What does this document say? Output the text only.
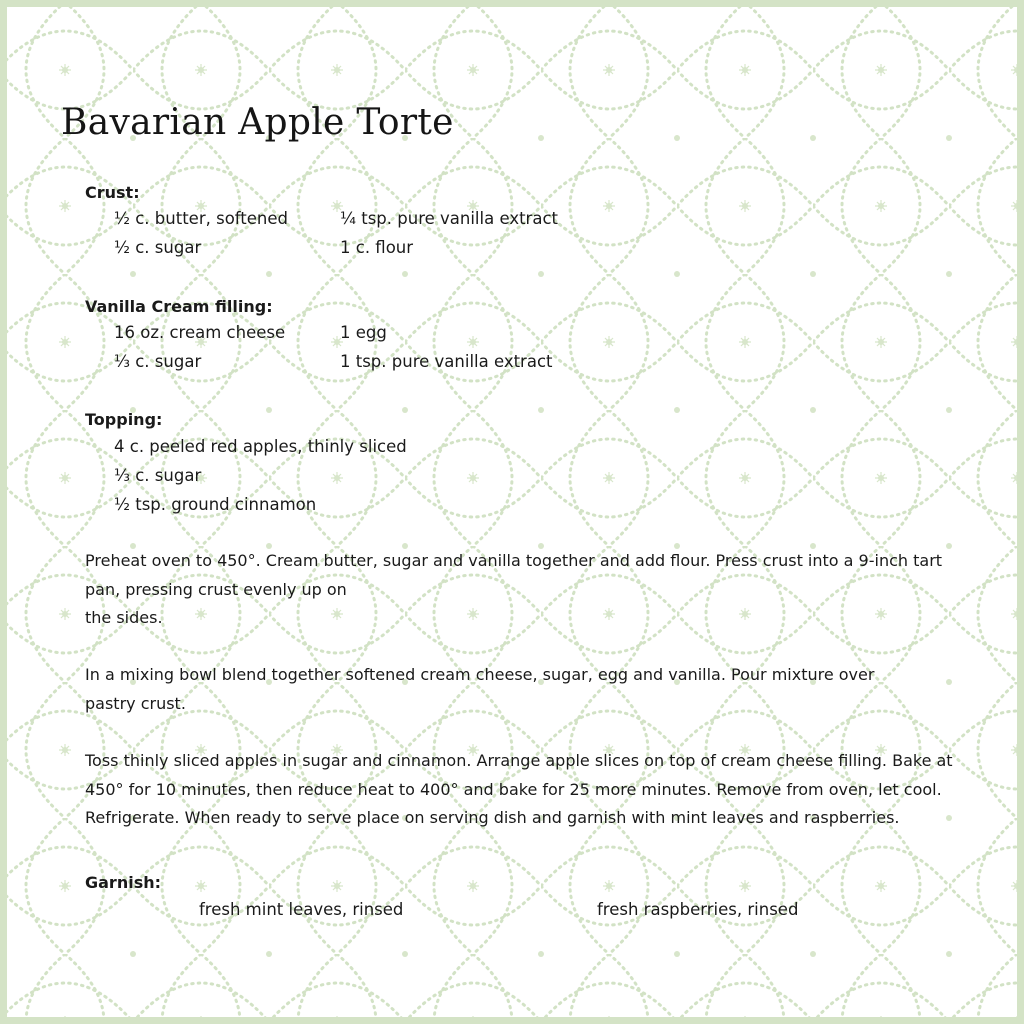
Bavarian Apple Torte
Crust:
½ c. butter, softened	¼ tsp. pure vanilla extract
½ c. sugar	1 c. flour
Vanilla Cream filling:
16 oz. cream cheese	1 egg
⅓ c. sugar	1 tsp. pure vanilla extract
Topping:
4 c. peeled red apples, thinly sliced
⅓ c. sugar
½ tsp. ground cinnamon
Preheat oven to 450°. Cream butter, sugar and vanilla together and add flour. Press crust into a 9-inch tart
pan, pressing crust evenly up on
the sides.
In a mixing bowl blend together softened cream cheese, sugar, egg and vanilla. Pour mixture over
pastry crust.
Toss thinly sliced apples in sugar and cinnamon. Arrange apple slices on top of cream cheese filling. Bake at
450° for 10 minutes, then reduce heat to 400° and bake for 25 more minutes. Remove from oven, let cool.
Refrigerate. When ready to serve place on serving dish and garnish with mint leaves and raspberries.
Garnish:
fresh mint leaves, rinsed	fresh raspberries, rinsed
